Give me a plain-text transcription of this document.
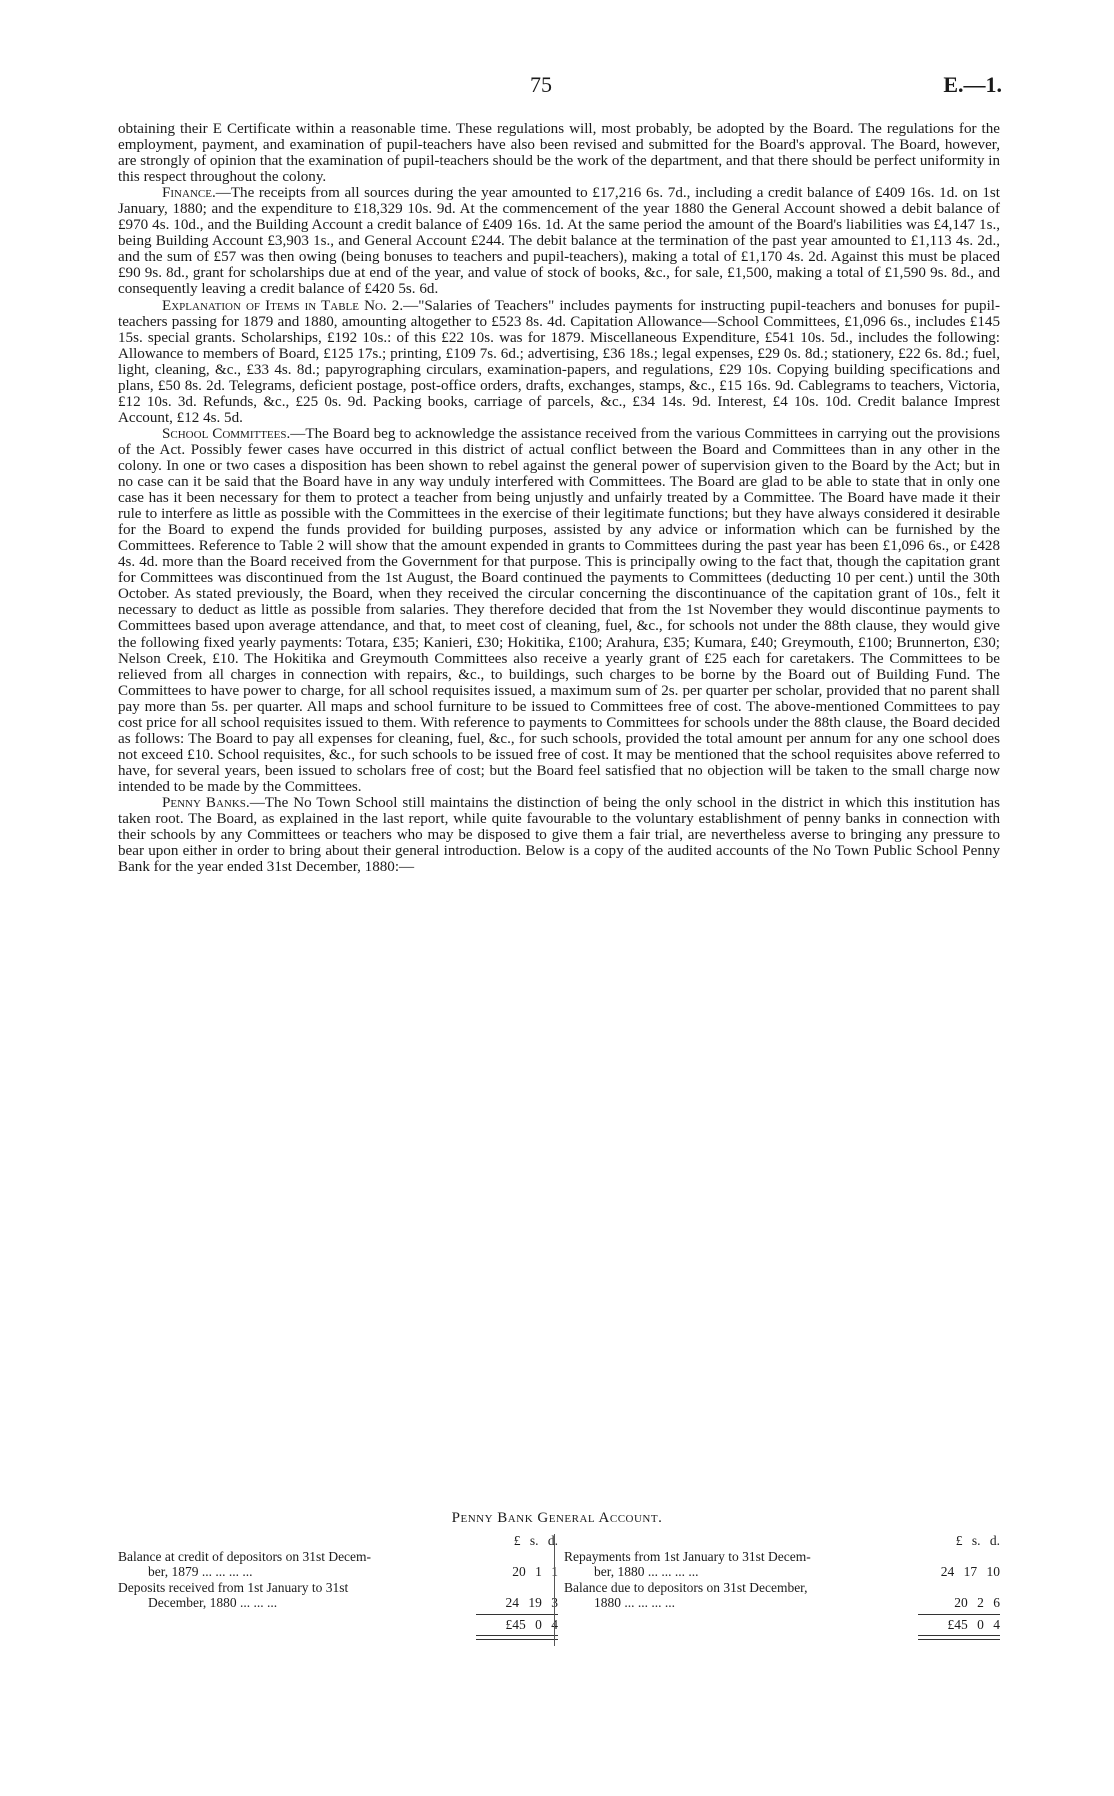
75	E.—1.

obtaining their E Certificate within a reasonable time. These regulations will, most probably, be adopted by the Board. The regulations for the employment, payment, and examination of pupil-teachers have also been revised and submitted for the Board's approval. The Board, however, are strongly of opinion that the examination of pupil-teachers should be the work of the department, and that there should be perfect uniformity in this respect throughout the colony.

Finance.—The receipts from all sources during the year amounted to £17,216 6s. 7d., including a credit balance of £409 16s. 1d. on 1st January, 1880; and the expenditure to £18,329 10s. 9d. At the commencement of the year 1880 the General Account showed a debit balance of £970 4s. 10d., and the Building Account a credit balance of £409 16s. 1d. At the same period the amount of the Board's liabilities was £4,147 1s., being Building Account £3,903 1s., and General Account £244. The debit balance at the termination of the past year amounted to £1,113 4s. 2d., and the sum of £57 was then owing (being bonuses to teachers and pupil-teachers), making a total of £1,170 4s. 2d. Against this must be placed £90 9s. 8d., grant for scholarships due at end of the year, and value of stock of books, &c., for sale, £1,500, making a total of £1,590 9s. 8d., and consequently leaving a credit balance of £420 5s. 6d.

Explanation of Items in Table No. 2.—"Salaries of Teachers" includes payments for instructing pupil-teachers and bonuses for pupil-teachers passing for 1879 and 1880, amounting altogether to £523 8s. 4d. Capitation Allowance—School Committees, £1,096 6s., includes £145 15s. special grants. Scholarships, £192 10s.: of this £22 10s. was for 1879. Miscellaneous Expenditure, £541 10s. 5d., includes the following: Allowance to members of Board, £125 17s.; printing, £109 7s. 6d.; advertising, £36 18s.; legal expenses, £29 0s. 8d.; stationery, £22 6s. 8d.; fuel, light, cleaning, &c., £33 4s. 8d.; papyrographing circulars, examination-papers, and regulations, £29 10s. Copying building specifications and plans, £50 8s. 2d. Telegrams, deficient postage, post-office orders, drafts, exchanges, stamps, &c., £15 16s. 9d. Cablegrams to teachers, Victoria, £12 10s. 3d. Refunds, &c., £25 0s. 9d. Packing books, carriage of parcels, &c., £34 14s. 9d. Interest, £4 10s. 10d. Credit balance Imprest Account, £12 4s. 5d.

School Committees.—The Board beg to acknowledge the assistance received from the various Committees in carrying out the provisions of the Act. Possibly fewer cases have occurred in this district of actual conflict between the Board and Committees than in any other in the colony. In one or two cases a disposition has been shown to rebel against the general power of supervision given to the Board by the Act; but in no case can it be said that the Board have in any way unduly interfered with Committees. The Board are glad to be able to state that in only one case has it been necessary for them to protect a teacher from being unjustly and unfairly treated by a Committee. The Board have made it their rule to interfere as little as possible with the Committees in the exercise of their legitimate functions; but they have always considered it desirable for the Board to expend the funds provided for building purposes, assisted by any advice or information which can be furnished by the Committees. Reference to Table 2 will show that the amount expended in grants to Committees during the past year has been £1,096 6s., or £428 4s. 4d. more than the Board received from the Government for that purpose. This is principally owing to the fact that, though the capitation grant for Committees was discontinued from the 1st August, the Board continued the payments to Committees (deducting 10 per cent.) until the 30th October. As stated previously, the Board, when they received the circular concerning the discontinuance of the capitation grant of 10s., felt it necessary to deduct as little as possible from salaries. They therefore decided that from the 1st November they would discontinue payments to Committees based upon average attendance, and that, to meet cost of cleaning, fuel, &c., for schools not under the 88th clause, they would give the following fixed yearly payments: Totara, £35; Kanieri, £30; Hokitika, £100; Arahura, £35; Kumara, £40; Greymouth, £100; Brunnerton, £30; Nelson Creek, £10. The Hokitika and Greymouth Committees also receive a yearly grant of £25 each for caretakers. The Committees to be relieved from all charges in connection with repairs, &c., to buildings, such charges to be borne by the Board out of Building Fund. The Committees to have power to charge, for all school requisites issued, a maximum sum of 2s. per quarter per scholar, provided that no parent shall pay more than 5s. per quarter. All maps and school furniture to be issued to Committees free of cost. The above-mentioned Committees to pay cost price for all school requisites issued to them. With reference to payments to Committees for schools under the 88th clause, the Board decided as follows: The Board to pay all expenses for cleaning, fuel, &c., for such schools, provided the total amount per annum for any one school does not exceed £10. School requisites, &c., for such schools to be issued free of cost. It may be mentioned that the school requisites above referred to have, for several years, been issued to scholars free of cost; but the Board feel satisfied that no objection will be taken to the small charge now intended to be made by the Committees.

Penny Banks.—The No Town School still maintains the distinction of being the only school in the district in which this institution has taken root. The Board, as explained in the last report, while quite favourable to the voluntary establishment of penny banks in connection with their schools by any Committees or teachers who may be disposed to give them a fair trial, are nevertheless averse to bringing any pressure to bear upon either in order to bring about their general introduction. Below is a copy of the audited accounts of the No Town Public School Penny Bank for the year ended 31st December, 1880:—

Penny Bank General Account.
£ s. d.
Balance at credit of depositors on 31st Decem-
ber, 1879 ... ... ... ...	20 1 1
Deposits received from 1st January to 31st
December, 1880 ... ... ...	24 19 3
£45 0 4
£ s. d.
Repayments from 1st January to 31st Decem-
ber, 1880 ... ... ... ...	24 17 10
Balance due to depositors on 31st December,
1880 ... ... ... ...	20 2 6
£45 0 4
